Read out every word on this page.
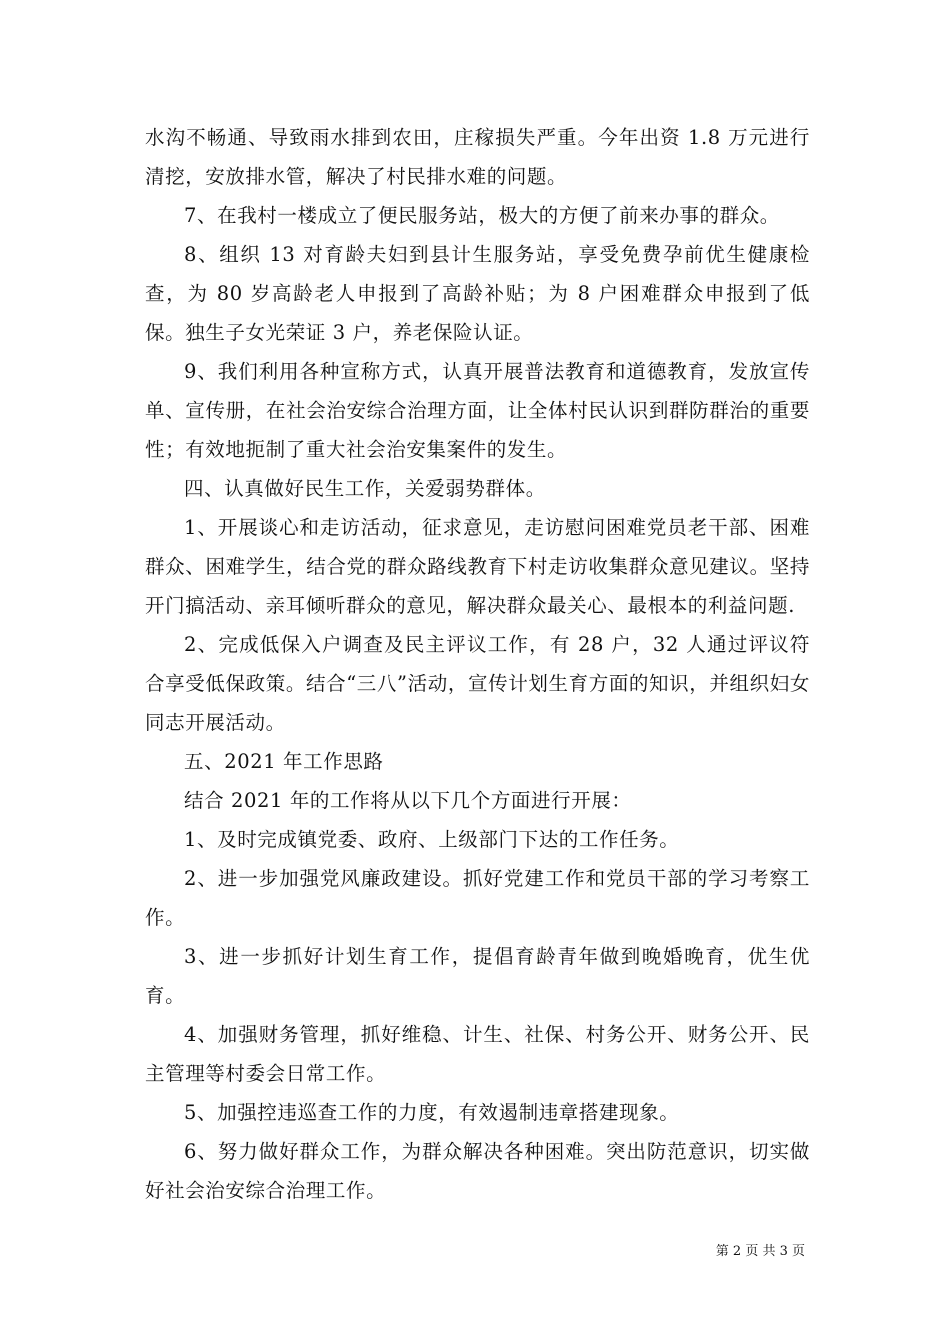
水沟不畅通、导致雨水排到农田，庄稼损失严重。今年出资 1.8 万元进行清挖，安放排水管，解决了村民排水难的问题。

7、在我村一楼成立了便民服务站，极大的方便了前来办事的群众。

8、组织 13 对育龄夫妇到县计生服务站，享受免费孕前优生健康检查，为 80 岁高龄老人申报到了高龄补贴；为 8 户困难群众申报到了低保。独生子女光荣证 3 户，养老保险认证。

9、我们利用各种宣称方式，认真开展普法教育和道德教育，发放宣传单、宣传册，在社会治安综合治理方面，让全体村民认识到群防群治的重要性；有效地扼制了重大社会治安集案件的发生。

四、认真做好民生工作，关爱弱势群体。

1、开展谈心和走访活动，征求意见，走访慰问困难党员老干部、困难群众、困难学生，结合党的群众路线教育下村走访收集群众意见建议。坚持开门搞活动、亲耳倾听群众的意见，解决群众最关心、最根本的利益问题.

2、完成低保入户调查及民主评议工作，有 28 户，32 人通过评议符合享受低保政策。结合“三八”活动，宣传计划生育方面的知识，并组织妇女同志开展活动。

五、2021 年工作思路

结合 2021 年的工作将从以下几个方面进行开展：

1、及时完成镇党委、政府、上级部门下达的工作任务。

2、进一步加强党风廉政建设。抓好党建工作和党员干部的学习考察工作。

3、进一步抓好计划生育工作，提倡育龄青年做到晚婚晚育，优生优育。

4、加强财务管理，抓好维稳、计生、社保、村务公开、财务公开、民主管理等村委会日常工作。

5、加强控违巡查工作的力度，有效遏制违章搭建现象。

6、努力做好群众工作，为群众解决各种困难。突出防范意识，切实做好社会治安综合治理工作。

第 2 页 共 3 页
